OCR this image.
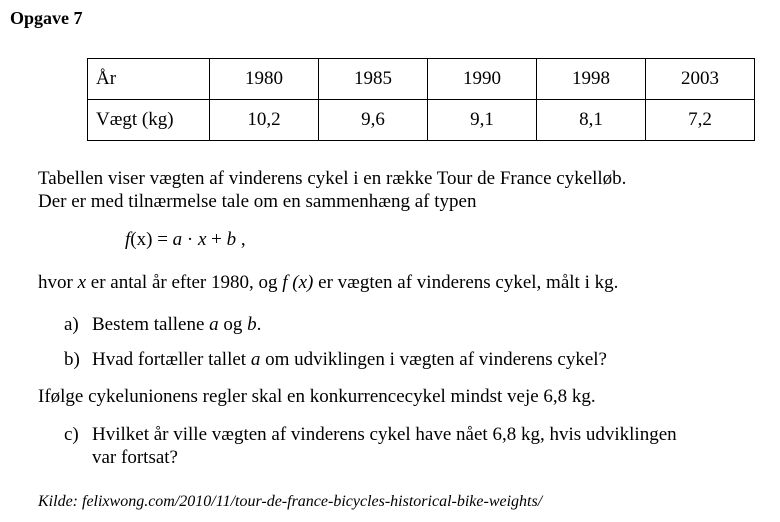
Opgave 7
År	1980	1985	1990	1998	2003
Vægt (kg)	10,2	9,6	9,1	8,1	7,2
Tabellen viser vægten af vinderens cykel i en række Tour de France cykelløb.
Der er med tilnærmelse tale om en sammenhæng af typen
f(x) = a · x + b ,
hvor x er antal år efter 1980, og f (x) er vægten af vinderens cykel, målt i kg.
a) Bestem tallene a og b.
b) Hvad fortæller tallet a om udviklingen i vægten af vinderens cykel?
Ifølge cykelunionens regler skal en konkurrencecykel mindst veje 6,8 kg.
c) Hvilket år ville vægten af vinderens cykel have nået 6,8 kg, hvis udviklingen
var fortsat?
Kilde: felixwong.com/2010/11/tour-de-france-bicycles-historical-bike-weights/
